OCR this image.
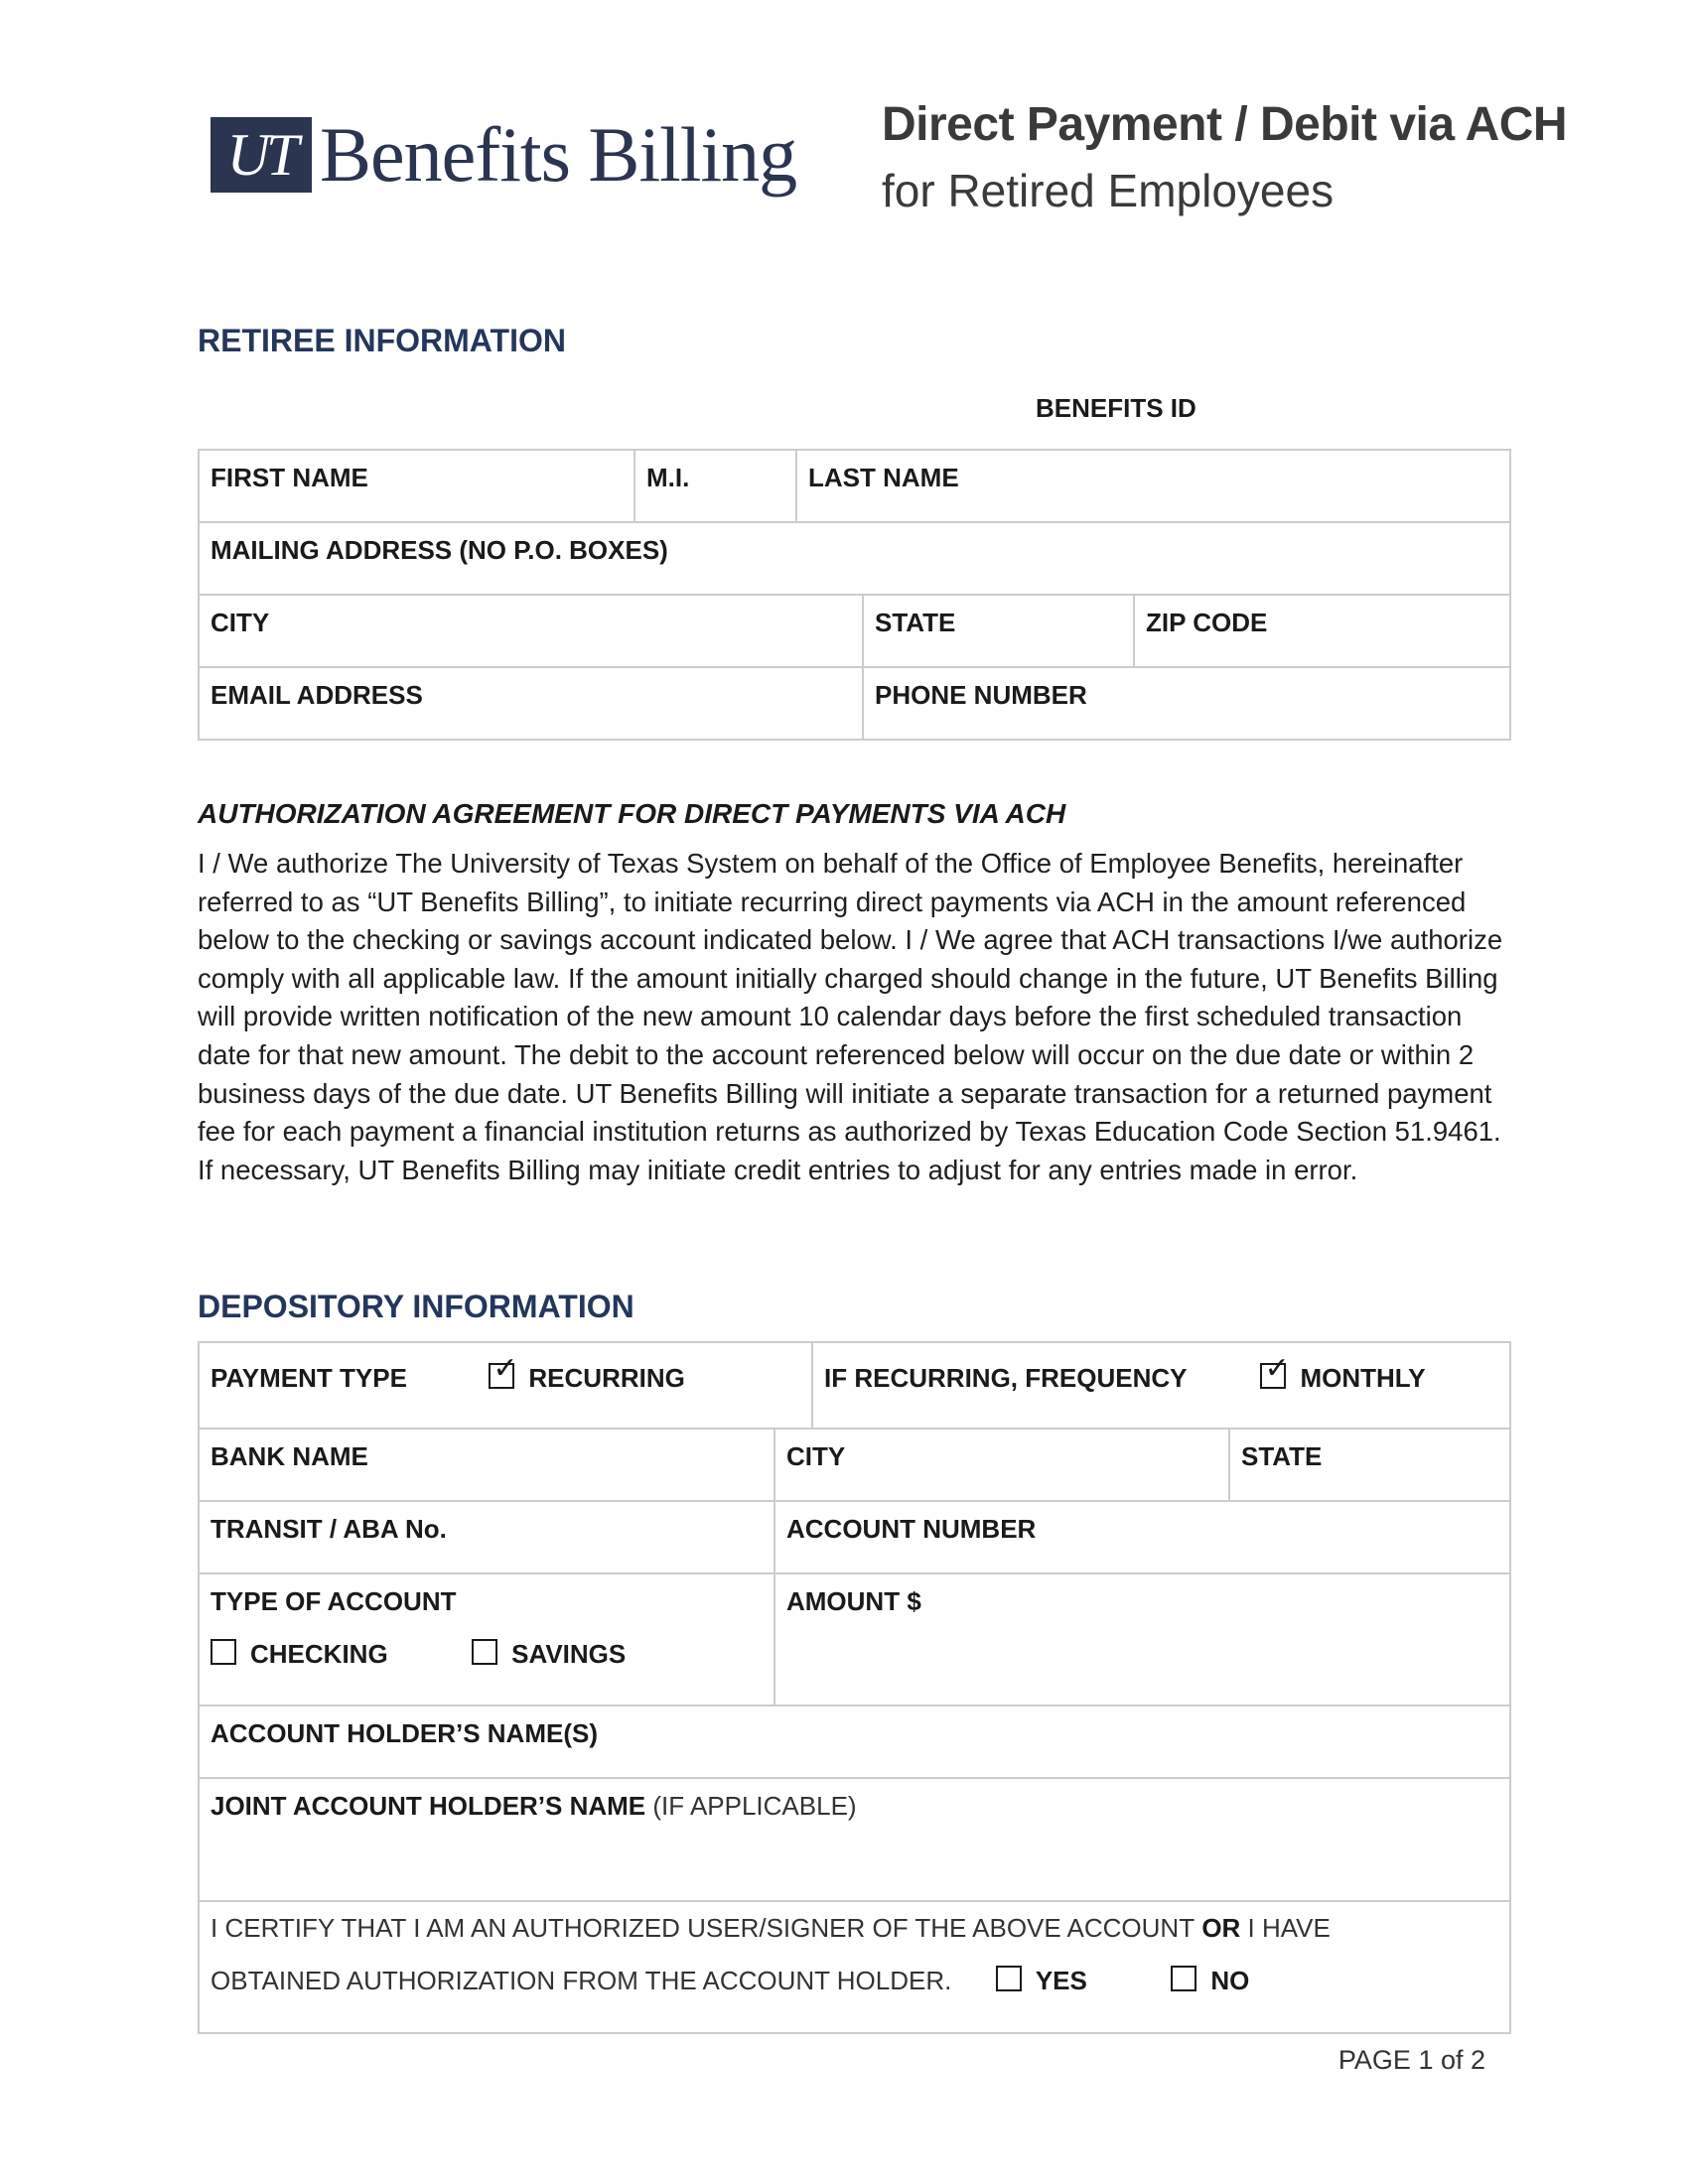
UT Benefits Billing Direct Payment / Debit via ACH
for Retired Employees
RETIREE INFORMATION
BENEFITS ID
FIRST NAME	M.I.	LAST NAME		
MAILING ADDRESS (NO P.O. BOXES)				
CITY			STATE	ZIP CODE
EMAIL ADDRESS			PHONE NUMBER	
AUTHORIZATION AGREEMENT FOR DIRECT PAYMENTS VIA ACH
I / We authorize The University of Texas System on behalf of the Office of Employee Benefits, hereinafter referred to as “UT Benefits Billing”, to initiate recurring direct payments via ACH in the amount referenced below to the checking or savings account indicated below. I / We agree that ACH transactions I/we authorize comply with all applicable law. If the amount initially charged should change in the future, UT Benefits Billing will provide written notification of the new amount 10 calendar days before the first scheduled transaction date for that new amount. The debit to the account referenced below will occur on the due date or within 2 business days of the due date. UT Benefits Billing will initiate a separate transaction for a returned payment fee for each payment a financial institution returns as authorized by Texas Education Code Section 51.9461. If necessary, UT Benefits Billing may initiate credit entries to adjust for any entries made in error.
DEPOSITORY INFORMATION
PAYMENT TYPE ✓ RECURRING		IF RECURRING, FREQUENCY ✓ MONTHLY
BANK NAME	CITY		STATE
TRANSIT / ABA No.	ACCOUNT NUMBER		

TYPE OF ACCOUNT
CHECKING SAVINGS	AMOUNT $		
ACCOUNT HOLDER’S NAME(S)			
JOINT ACCOUNT HOLDER’S NAME (IF APPLICABLE)			

I CERTIFY THAT I AM AN AUTHORIZED USER/SIGNER OF THE ABOVE ACCOUNT OR I HAVE
OBTAINED AUTHORIZATION FROM THE ACCOUNT HOLDER. YES NO			
PAGE 1 of 2
